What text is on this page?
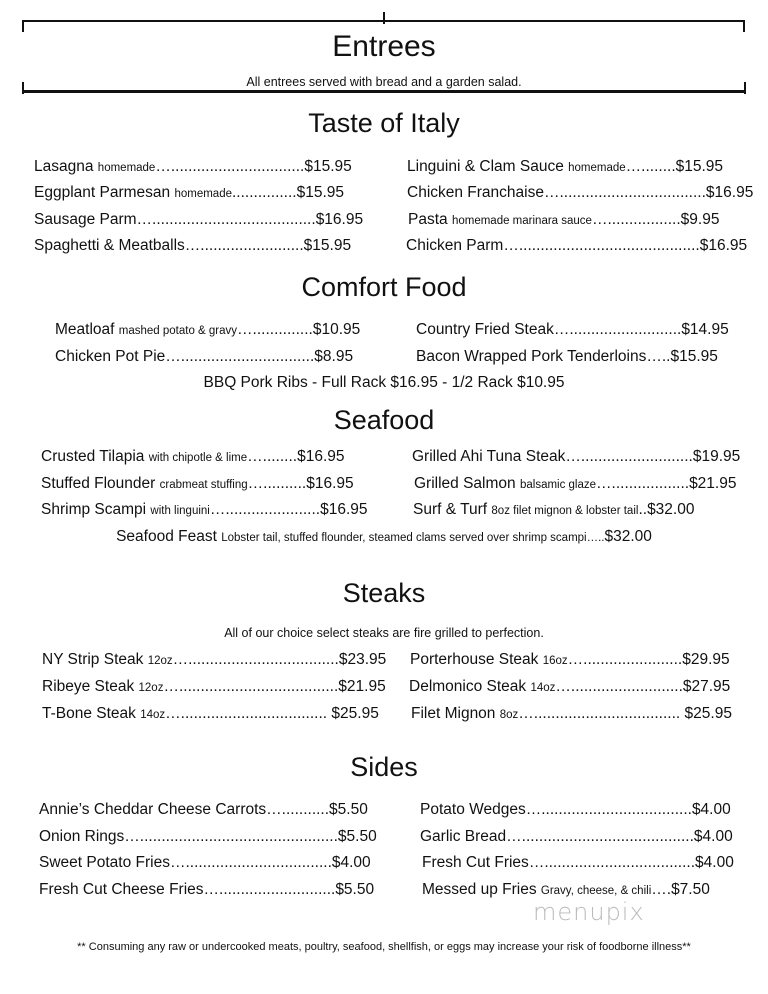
Entrees
All entrees served with bread and a garden salad.
Taste of Italy
Lasagna homemade…...............................$15.95
Eggplant Parmesan homemade...............$15.95
Sausage Parm…......................................$16.95
Spaghetti & Meatballs…........................$15.95
Linguini & Clam Sauce homemade…........$15.95
Chicken Franchaise…..................................$16.95
Pasta homemade marinara sauce….................$9.95
Chicken Parm…..........................................$16.95
Comfort Food
Meatloaf mashed potato & gravy…..............$10.95
Chicken Pot Pie…...............................$8.95
Country Fried Steak…..........................$14.95
Bacon Wrapped Pork Tenderloins…..$15.95
BBQ Pork Ribs - Full Rack $16.95 - 1/2 Rack $10.95
Seafood
Crusted Tilapia with chipotle & lime…........$16.95
Stuffed Flounder crabmeat stuffing…..........$16.95
Shrimp Scampi with linguini…......................$16.95
Grilled Ahi Tuna Steak…..........................$19.95
Grilled Salmon balsamic glaze…..................$21.95
Surf & Turf 8oz filet mignon & lobster tail..$32.00
Seafood Feast Lobster tail, stuffed flounder, steamed clams served over shrimp scampi…..$32.00
Steaks
All of our choice select steaks are fire grilled to perfection.
NY Strip Steak 12oz…...................................$23.95
Ribeye Steak 12oz….....................................$21.95
T-Bone Steak 14oz….................................. $25.95
Porterhouse Steak 16oz….......................$29.95
Delmonico Steak 14oz…..........................$27.95
Filet Mignon 8oz….................................. $25.95
Sides
Annie’s Cheddar Cheese Carrots…...........$5.50
Onion Rings…..............................................$5.50
Sweet Potato Fries…..................................$4.00
Fresh Cut Cheese Fries…...........................$5.50
Potato Wedges…...................................$4.00
Garlic Bread…........................................$4.00
Fresh Cut Fries…...................................$4.00
Messed up Fries Gravy, cheese, & chili….$7.50
menupix
** Consuming any raw or undercooked meats, poultry, seafood, shellfish, or eggs may increase your risk of foodborne illness**
